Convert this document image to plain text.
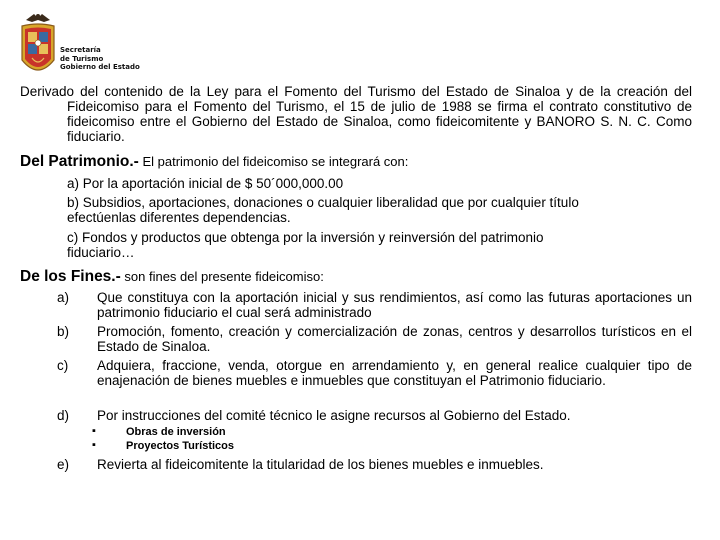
Secretaría
de Turismo
Gobierno del Estado
Derivado del contenido de la Ley para el Fomento del Turismo del Estado de Sinaloa y de la creación del Fideicomiso para el Fomento del Turismo, el 15 de julio de 1988 se firma el contrato constitutivo de fideicomiso entre el Gobierno del Estado de Sinaloa, como fideicomitente y BANORO S. N. C. Como fiduciario.
Del Patrimonio.- El patrimonio del fideicomiso se integrará con:
a) Por la aportación inicial de $ 50´000,000.00
b) Subsidios, aportaciones, donaciones o cualquier liberalidad que por cualquier título
efectúenlas diferentes dependencias.
c) Fondos y productos que obtenga por la inversión y reinversión del patrimonio
fiduciario…
De los Fines.- son fines del presente fideicomiso:
a) Que constituya con la aportación inicial y sus rendimientos, así como las futuras aportaciones un patrimonio fiduciario el cual será administrado
b) Promoción, fomento, creación y comercialización de zonas, centros y desarrollos turísticos en el Estado de Sinaloa.
c) Adquiera, fraccione, venda, otorgue en arrendamiento y, en general realice cualquier tipo de enajenación de bienes muebles e inmuebles que constituyan el Patrimonio fiduciario.
d) Por instrucciones del comité técnico le asigne recursos al Gobierno del Estado.
▪	Obras de inversión
▪	Proyectos Turísticos
e) Revierta al fideicomitente la titularidad de los bienes muebles e inmuebles.
